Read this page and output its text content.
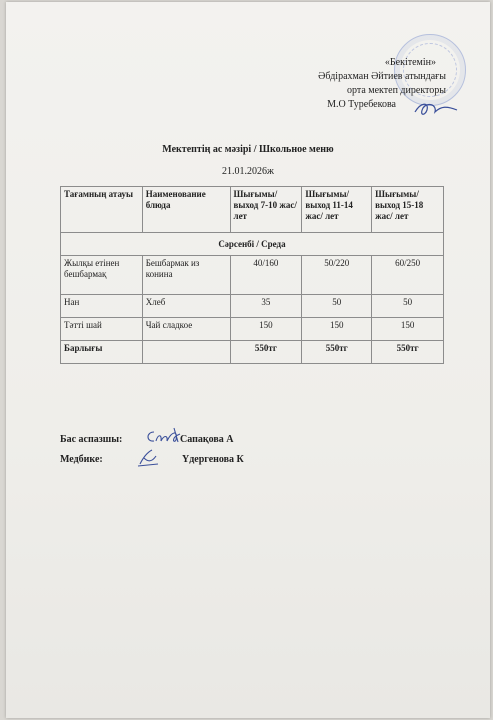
«Бекітемін»
Әбдірахман Әйтиев атындағы
орта мектеп директоры
М.О Туребекова
Мектептің ас мәзірі / Школьное меню
21.01.2026ж
Тағамның атауы	Наименование блюда	Шығымы/ выход 7-10 жас/ лет	Шығымы/ выход 11-14 жас/ лет	Шығымы/ выход 15-18 жас/ лет
Сәрсенбі / Среда				
Жылқы етінен бешбармақ	Бешбармак из конина	40/160	50/220	60/250
Нан	Хлеб	35	50	50
Тәтті шай	Чай сладкое	150	150	150
Барлығы		550тг	550тг	550тг
Бас аспазшы:	Сапақова А
Медбике:	Үдергенова К
